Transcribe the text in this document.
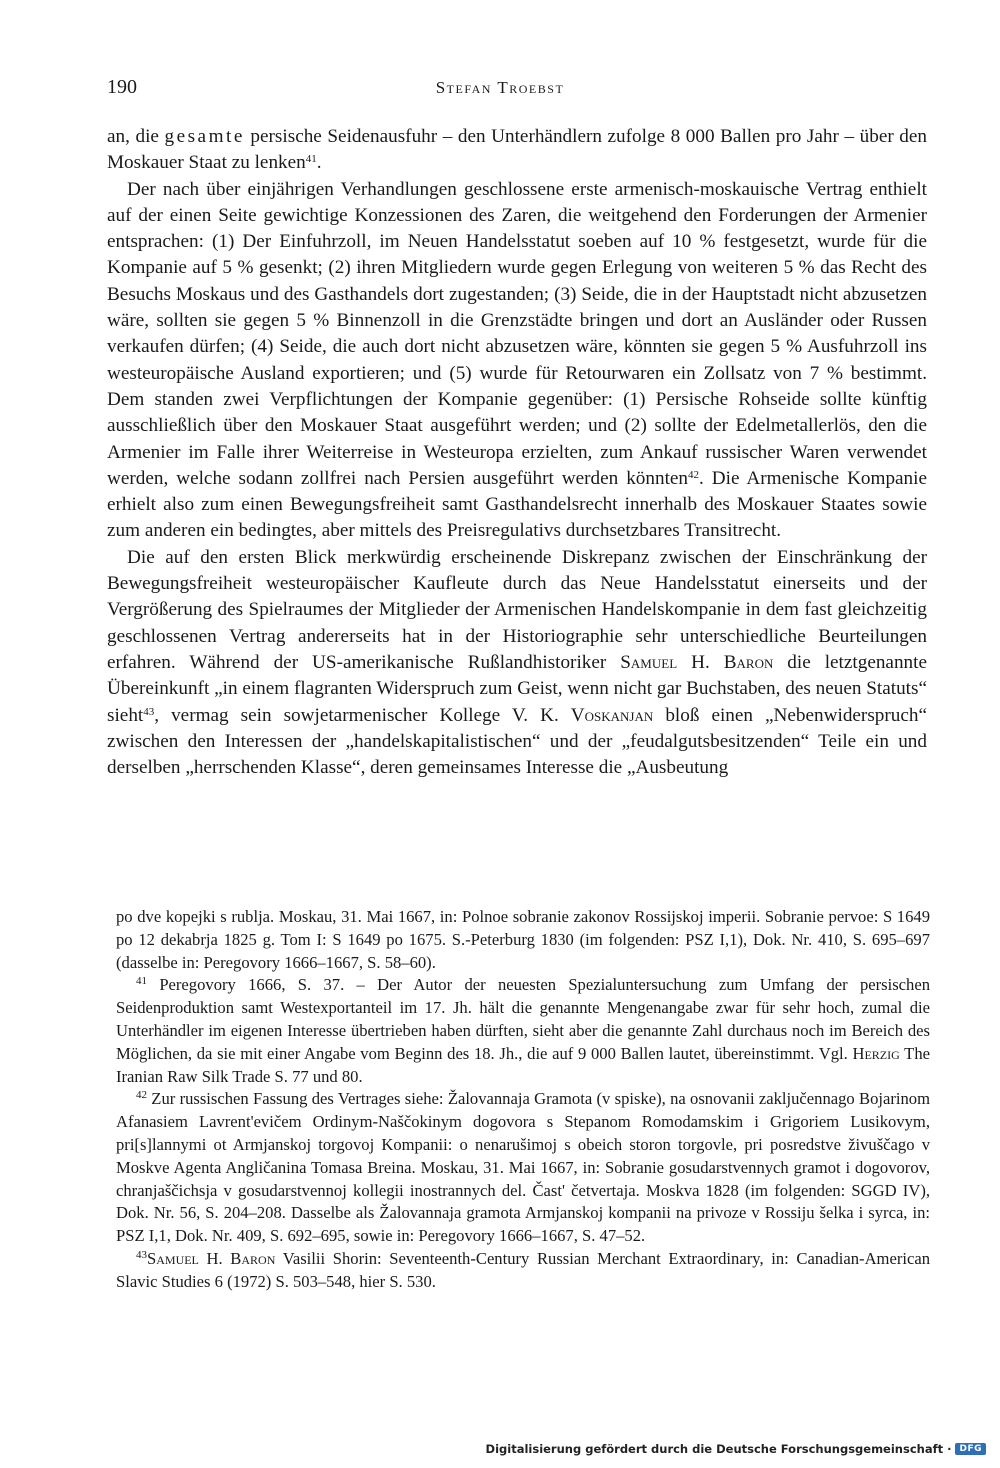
190	Stefan Troebst

an, die gesamte persische Seidenausfuhr – den Unterhändlern zufolge 8 000 Ballen pro Jahr – über den Moskauer Staat zu lenken$^{41}$.

Der nach über einjährigen Verhandlungen geschlossene erste armenisch-moskauische Vertrag enthielt auf der einen Seite gewichtige Konzessionen des Zaren, die weitgehend den Forderungen der Armenier entsprachen: (1) Der Einfuhrzoll, im Neuen Handelsstatut soeben auf 10 % festgesetzt, wurde für die Kompanie auf 5 % gesenkt; (2) ihren Mitgliedern wurde gegen Erlegung von weiteren 5 % das Recht des Besuchs Moskaus und des Gasthandels dort zugestanden; (3) Seide, die in der Hauptstadt nicht abzusetzen wäre, sollten sie gegen 5 % Binnenzoll in die Grenzstädte bringen und dort an Ausländer oder Russen verkaufen dürfen; (4) Seide, die auch dort nicht abzusetzen wäre, könnten sie gegen 5 % Ausfuhrzoll ins westeuropäische Ausland exportieren; und (5) wurde für Retourwaren ein Zollsatz von 7 % bestimmt. Dem standen zwei Verpflichtungen der Kompanie gegenüber: (1) Persische Rohseide sollte künftig ausschließlich über den Moskauer Staat ausgeführt werden; und (2) sollte der Edelmetallerlös, den die Armenier im Falle ihrer Weiterreise in Westeuropa erzielten, zum Ankauf russischer Waren verwendet werden, welche sodann zollfrei nach Persien ausgeführt werden könnten$^{42}$. Die Armenische Kompanie erhielt also zum einen Bewegungsfreiheit samt Gasthandelsrecht innerhalb des Moskauer Staates sowie zum anderen ein bedingtes, aber mittels des Preisregulativs durchsetzbares Transitrecht.

Die auf den ersten Blick merkwürdig erscheinende Diskrepanz zwischen der Einschränkung der Bewegungsfreiheit westeuropäischer Kaufleute durch das Neue Handelsstatut einerseits und der Vergrößerung des Spielraumes der Mitglieder der Armenischen Handelskompanie in dem fast gleichzeitig geschlossenen Vertrag andererseits hat in der Historiographie sehr unterschiedliche Beurteilungen erfahren. Während der US-amerikanische Rußlandhistoriker Samuel H. Baron die letztgenannte Übereinkunft „in einem flagranten Widerspruch zum Geist, wenn nicht gar Buchstaben, des neuen Statuts“ sieht$^{43}$, vermag sein sowjetarmenischer Kollege V. K. Voskanjan bloß einen „Nebenwiderspruch“ zwischen den Interessen der „handelskapitalistischen“ und der „feudalgutsbesitzenden“ Teile ein und derselben „herrschenden Klasse“, deren gemeinsames Interesse die „Ausbeutung

po dve kopejki s rublja. Moskau, 31. Mai 1667, in: Polnoe sobranie zakonov Rossijskoj imperii. Sobranie pervoe: S 1649 po 12 dekabrja 1825 g. Tom I: S 1649 po 1675. S.-Peterburg 1830 (im folgenden: PSZ I,1), Dok. Nr. 410, S. 695–697 (dasselbe in: Peregovory 1666–1667, S. 58–60).

$^{41}$ Peregovory 1666, S. 37. – Der Autor der neuesten Spezialuntersuchung zum Umfang der persischen Seidenproduktion samt Westexportanteil im 17. Jh. hält die genannte Mengenangabe zwar für sehr hoch, zumal die Unterhändler im eigenen Interesse übertrieben haben dürften, sieht aber die genannte Zahl durchaus noch im Bereich des Möglichen, da sie mit einer Angabe vom Beginn des 18. Jh., die auf 9 000 Ballen lautet, übereinstimmt. Vgl. Herzig The Iranian Raw Silk Trade S. 77 und 80.

$^{42}$ Zur russischen Fassung des Vertrages siehe: Žalovannaja Gramota (v spiske), na osnovanii zaključennago Bojarinom Afanasiem Lavrent'evičem Ordinym-Naščokinym dogovora s Stepanom Romodamskim i Grigoriem Lusikovym, pri[s]lannymi ot Armjanskoj torgovoj Kompanii: o nenarušimoj s obeich storon torgovle, pri posredstve živuščago v Moskve Agenta Angličanina Tomasa Breina. Moskau, 31. Mai 1667, in: Sobranie gosudarstvennych gramot i dogovorov, chranjaščichsja v gosudarstvennoj kollegii inostrannych del. Čast' četvertaja. Moskva 1828 (im folgenden: SGGD IV), Dok. Nr. 56, S. 204–208. Dasselbe als Žalovannaja gramota Armjanskoj kompanii na privoze v Rossiju šelka i syrca, in: PSZ I,1, Dok. Nr. 409, S. 692–695, sowie in: Peregovory 1666–1667, S. 47–52.

$^{43}$Samuel H. Baron Vasilii Shorin: Seventeenth-Century Russian Merchant Extraordinary, in: Canadian-American Slavic Studies 6 (1972) S. 503–548, hier S. 530.

Digitalisierung gefördert durch die Deutsche Forschungsgemeinschaft · DFG
